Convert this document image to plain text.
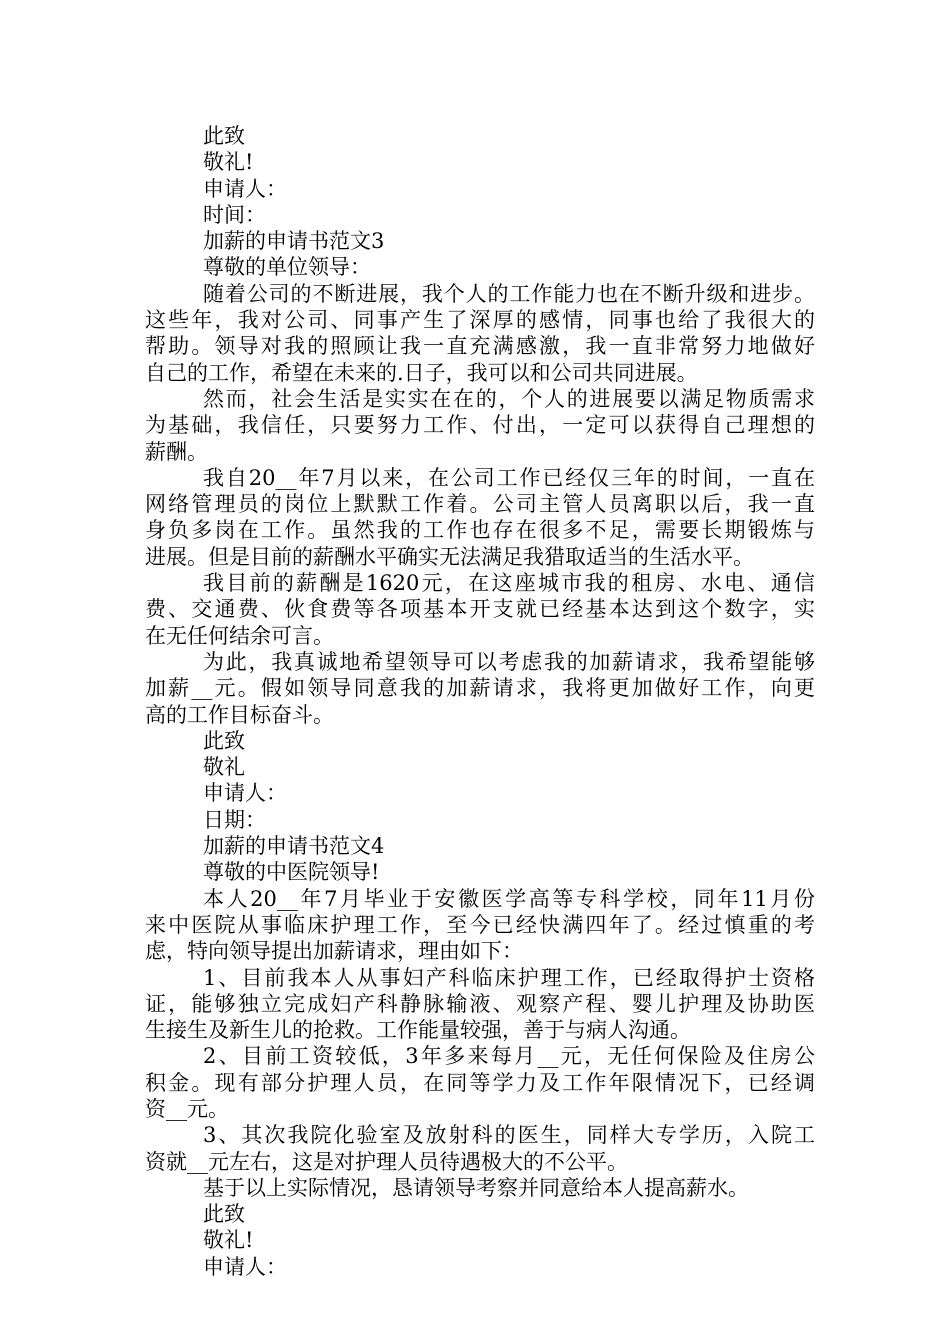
此致
敬礼!
申请人：
时间：
加薪的申请书范文3
尊敬的单位领导：
随着公司的不断进展，我个人的工作能力也在不断升级和进步。
这些年，我对公司、同事产生了深厚的感情，同事也给了我很大的
帮助。领导对我的照顾让我一直充满感激，我一直非常努力地做好
自己的工作，希望在未来的.日子，我可以和公司共同进展。
然而，社会生活是实实在在的，个人的进展要以满足物质需求
为基础，我信任，只要努力工作、付出，一定可以获得自己理想的
薪酬。
我自20__年7月以来，在公司工作已经仅三年的时间，一直在
网络管理员的岗位上默默工作着。公司主管人员离职以后，我一直
身负多岗在工作。虽然我的工作也存在很多不足，需要长期锻炼与
进展。但是目前的薪酬水平确实无法满足我猎取适当的生活水平。
我目前的薪酬是1620元，在这座城市我的租房、水电、通信
费、交通费、伙食费等各项基本开支就已经基本达到这个数字，实
在无任何结余可言。
为此，我真诚地希望领导可以考虑我的加薪请求，我希望能够
加薪__元。假如领导同意我的加薪请求，我将更加做好工作，向更
高的工作目标奋斗。
此致
敬礼
申请人：
日期：
加薪的申请书范文4
尊敬的中医院领导!
本人20__年7月毕业于安徽医学高等专科学校，同年11月份
来中医院从事临床护理工作，至今已经快满四年了。经过慎重的考
虑，特向领导提出加薪请求，理由如下：
1、目前我本人从事妇产科临床护理工作，已经取得护士资格
证，能够独立完成妇产科静脉输液、观察产程、婴儿护理及协助医
生接生及新生儿的抢救。工作能量较强，善于与病人沟通。
2、目前工资较低，3年多来每月__元，无任何保险及住房公
积金。现有部分护理人员，在同等学力及工作年限情况下，已经调
资__元。
3、其次我院化验室及放射科的医生，同样大专学历，入院工
资就__元左右，这是对护理人员待遇极大的不公平。
基于以上实际情况，恳请领导考察并同意给本人提高薪水。
此致
敬礼!
申请人：
